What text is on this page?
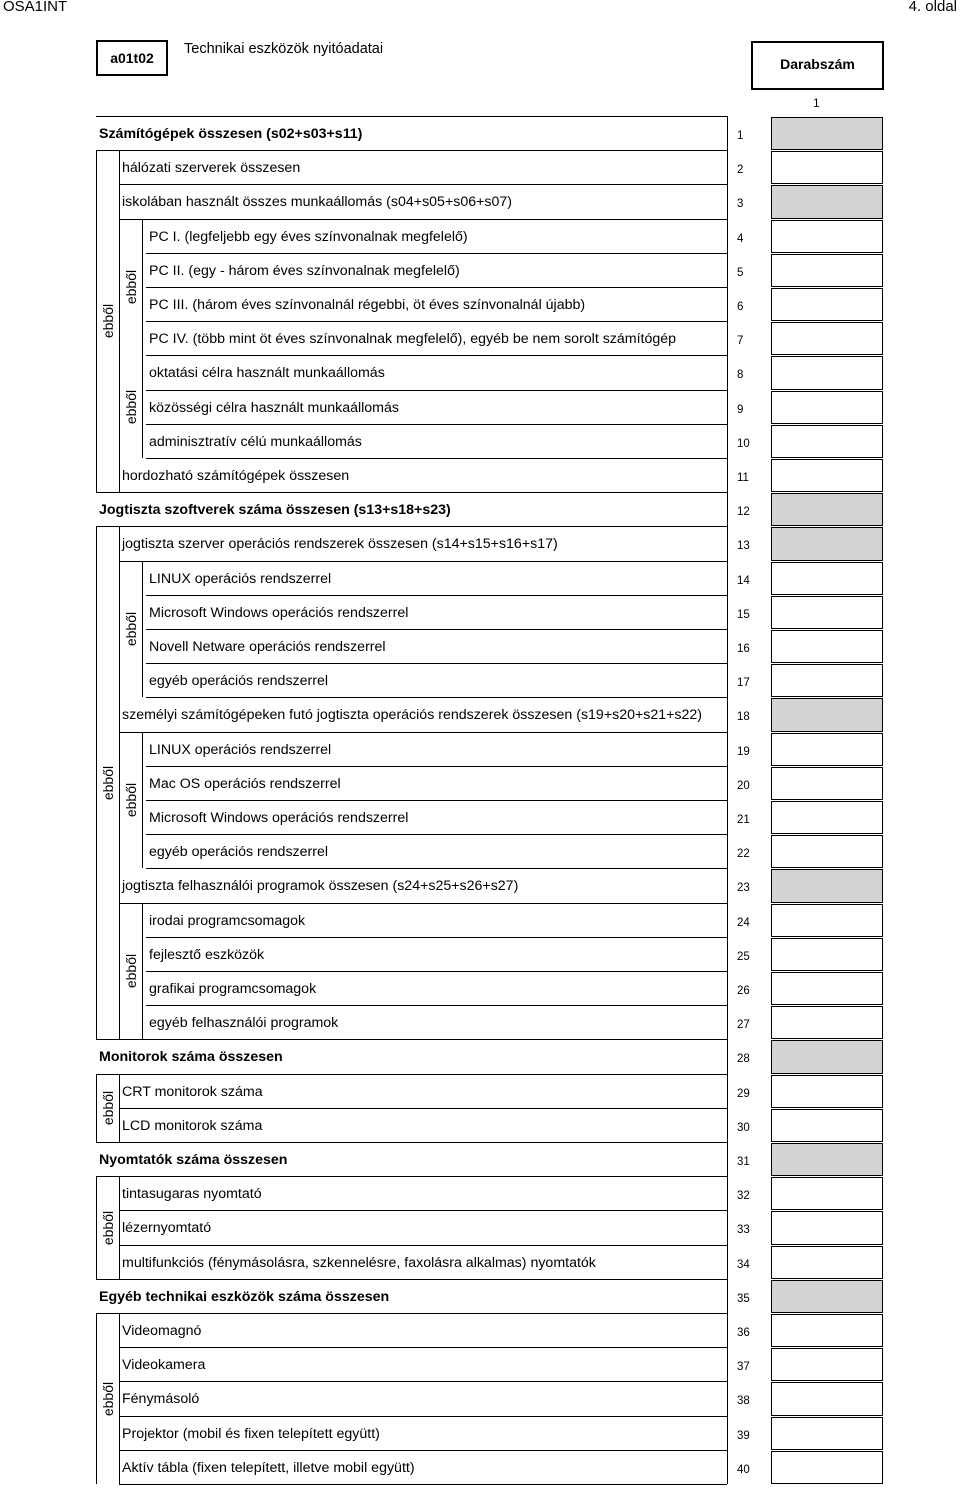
OSA1INT	4. oldal
a01t02
Technikai eszközök nyitóadatai
Darabszám
1
Számítógépek összesen (s02+s03+s11)	1
hálózati szerverek összesen	2
iskolában használt összes munkaállomás (s04+s05+s06+s07)	3
PC I. (legfeljebb egy éves színvonalnak megfelelő)	4
PC II. (egy - három éves színvonalnak megfelelő)	5
PC III. (három éves színvonalnál régebbi, öt éves színvonalnál újabb)	6
PC IV. (több mint öt éves színvonalnak megfelelő), egyéb be nem sorolt számítógép	7
oktatási célra használt munkaállomás	8
közösségi célra használt munkaállomás	9
adminisztratív célú munkaállomás	10
hordozható számítógépek összesen	11
Jogtiszta szoftverek száma összesen (s13+s18+s23)	12
jogtiszta szerver operációs rendszerek összesen (s14+s15+s16+s17)	13
LINUX operációs rendszerrel	14
Microsoft Windows operációs rendszerrel	15
Novell Netware operációs rendszerrel	16
egyéb operációs rendszerrel	17
személyi számítógépeken futó jogtiszta operációs rendszerek összesen (s19+s20+s21+s22)	18
LINUX operációs rendszerrel	19
Mac OS operációs rendszerrel	20
Microsoft Windows operációs rendszerrel	21
egyéb operációs rendszerrel	22
jogtiszta felhasználói programok összesen (s24+s25+s26+s27)	23
irodai programcsomagok	24
fejlesztő eszközök	25
grafikai programcsomagok	26
egyéb felhasználói programok	27
Monitorok száma összesen	28
CRT monitorok száma	29
LCD monitorok száma	30
Nyomtatók száma összesen	31
tintasugaras nyomtató	32
lézernyomtató	33
multifunkciós (fénymásolásra, szkennelésre, faxolásra alkalmas) nyomtatók	34
Egyéb technikai eszközök száma összesen	35
Videomagnó	36
Videokamera	37
Fénymásoló	38
Projektor (mobil és fixen telepített együtt)	39
Aktív tábla (fixen telepített, illetve mobil együtt)	40
ebből
ebből
ebből
ebből
ebből
ebből
ebből
ebből
ebből
ebből
